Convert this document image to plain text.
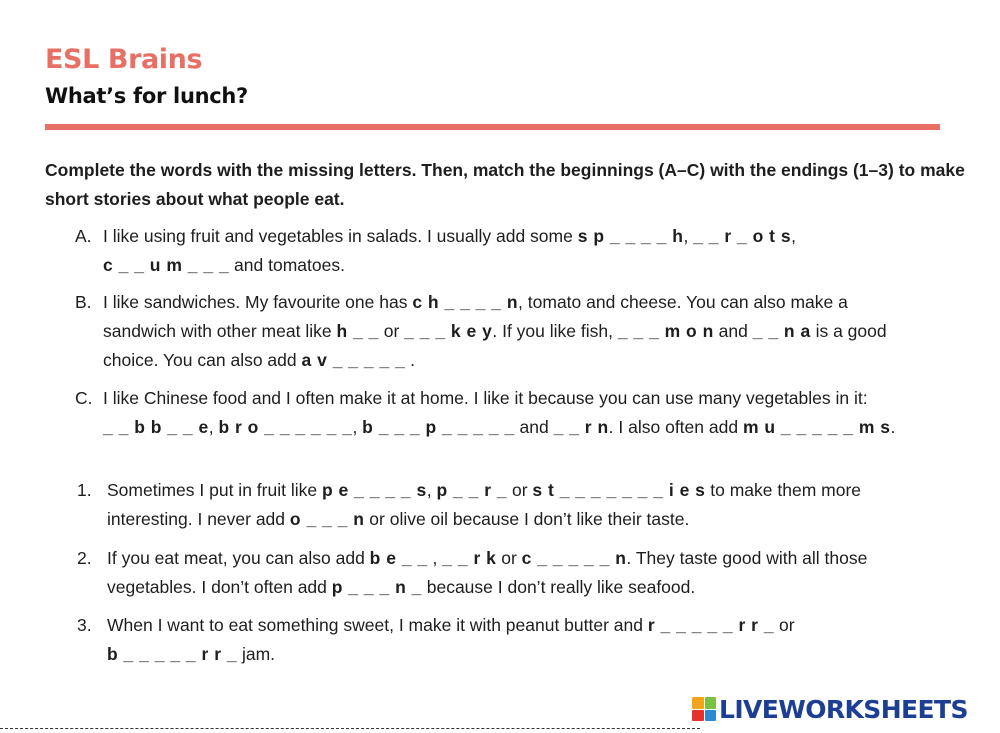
ESL Brains
What’s for lunch?
Complete the words with the missing letters. Then, match the beginnings (A–C) with the endings (1–3) to make short stories about what people eat.
A. I like using fruit and vegetables in salads. I usually add some s p _ _ _ _ h, _ _ r _ o t s,
c _ _ u m _ _ _ and tomatoes.
B. I like sandwiches. My favourite one has c h _ _ _ _ n, tomato and cheese. You can also make a
sandwich with other meat like h _ _ or _ _ _ k e y. If you like fish, _ _ _ m o n and _ _ n a is a good
choice. You can also add a v _ _ _ _ _ .
C. I like Chinese food and I often make it at home. I like it because you can use many vegetables in it:
_ _ b b _ _ e, b r o _ _ _ _ _ _, b _ _ _ p _ _ _ _ _ and _ _ r n. I also often add m u _ _ _ _ _ m s.
1. Sometimes I put in fruit like p e _ _ _ _ s, p _ _ r _ or s t _ _ _ _ _ _ _ i e s to make them more
interesting. I never add o _ _ _ n or olive oil because I don’t like their taste.
2. If you eat meat, you can also add b e _ _ , _ _ r k or c _ _ _ _ _ n. They taste good with all those
vegetables. I don’t often add p _ _ _ n _ because I don’t really like seafood.
3. When I want to eat something sweet, I make it with peanut butter and r _ _ _ _ _ r r _ or
b _ _ _ _ _ r r _ jam.
LIVEWORKSHEETS
